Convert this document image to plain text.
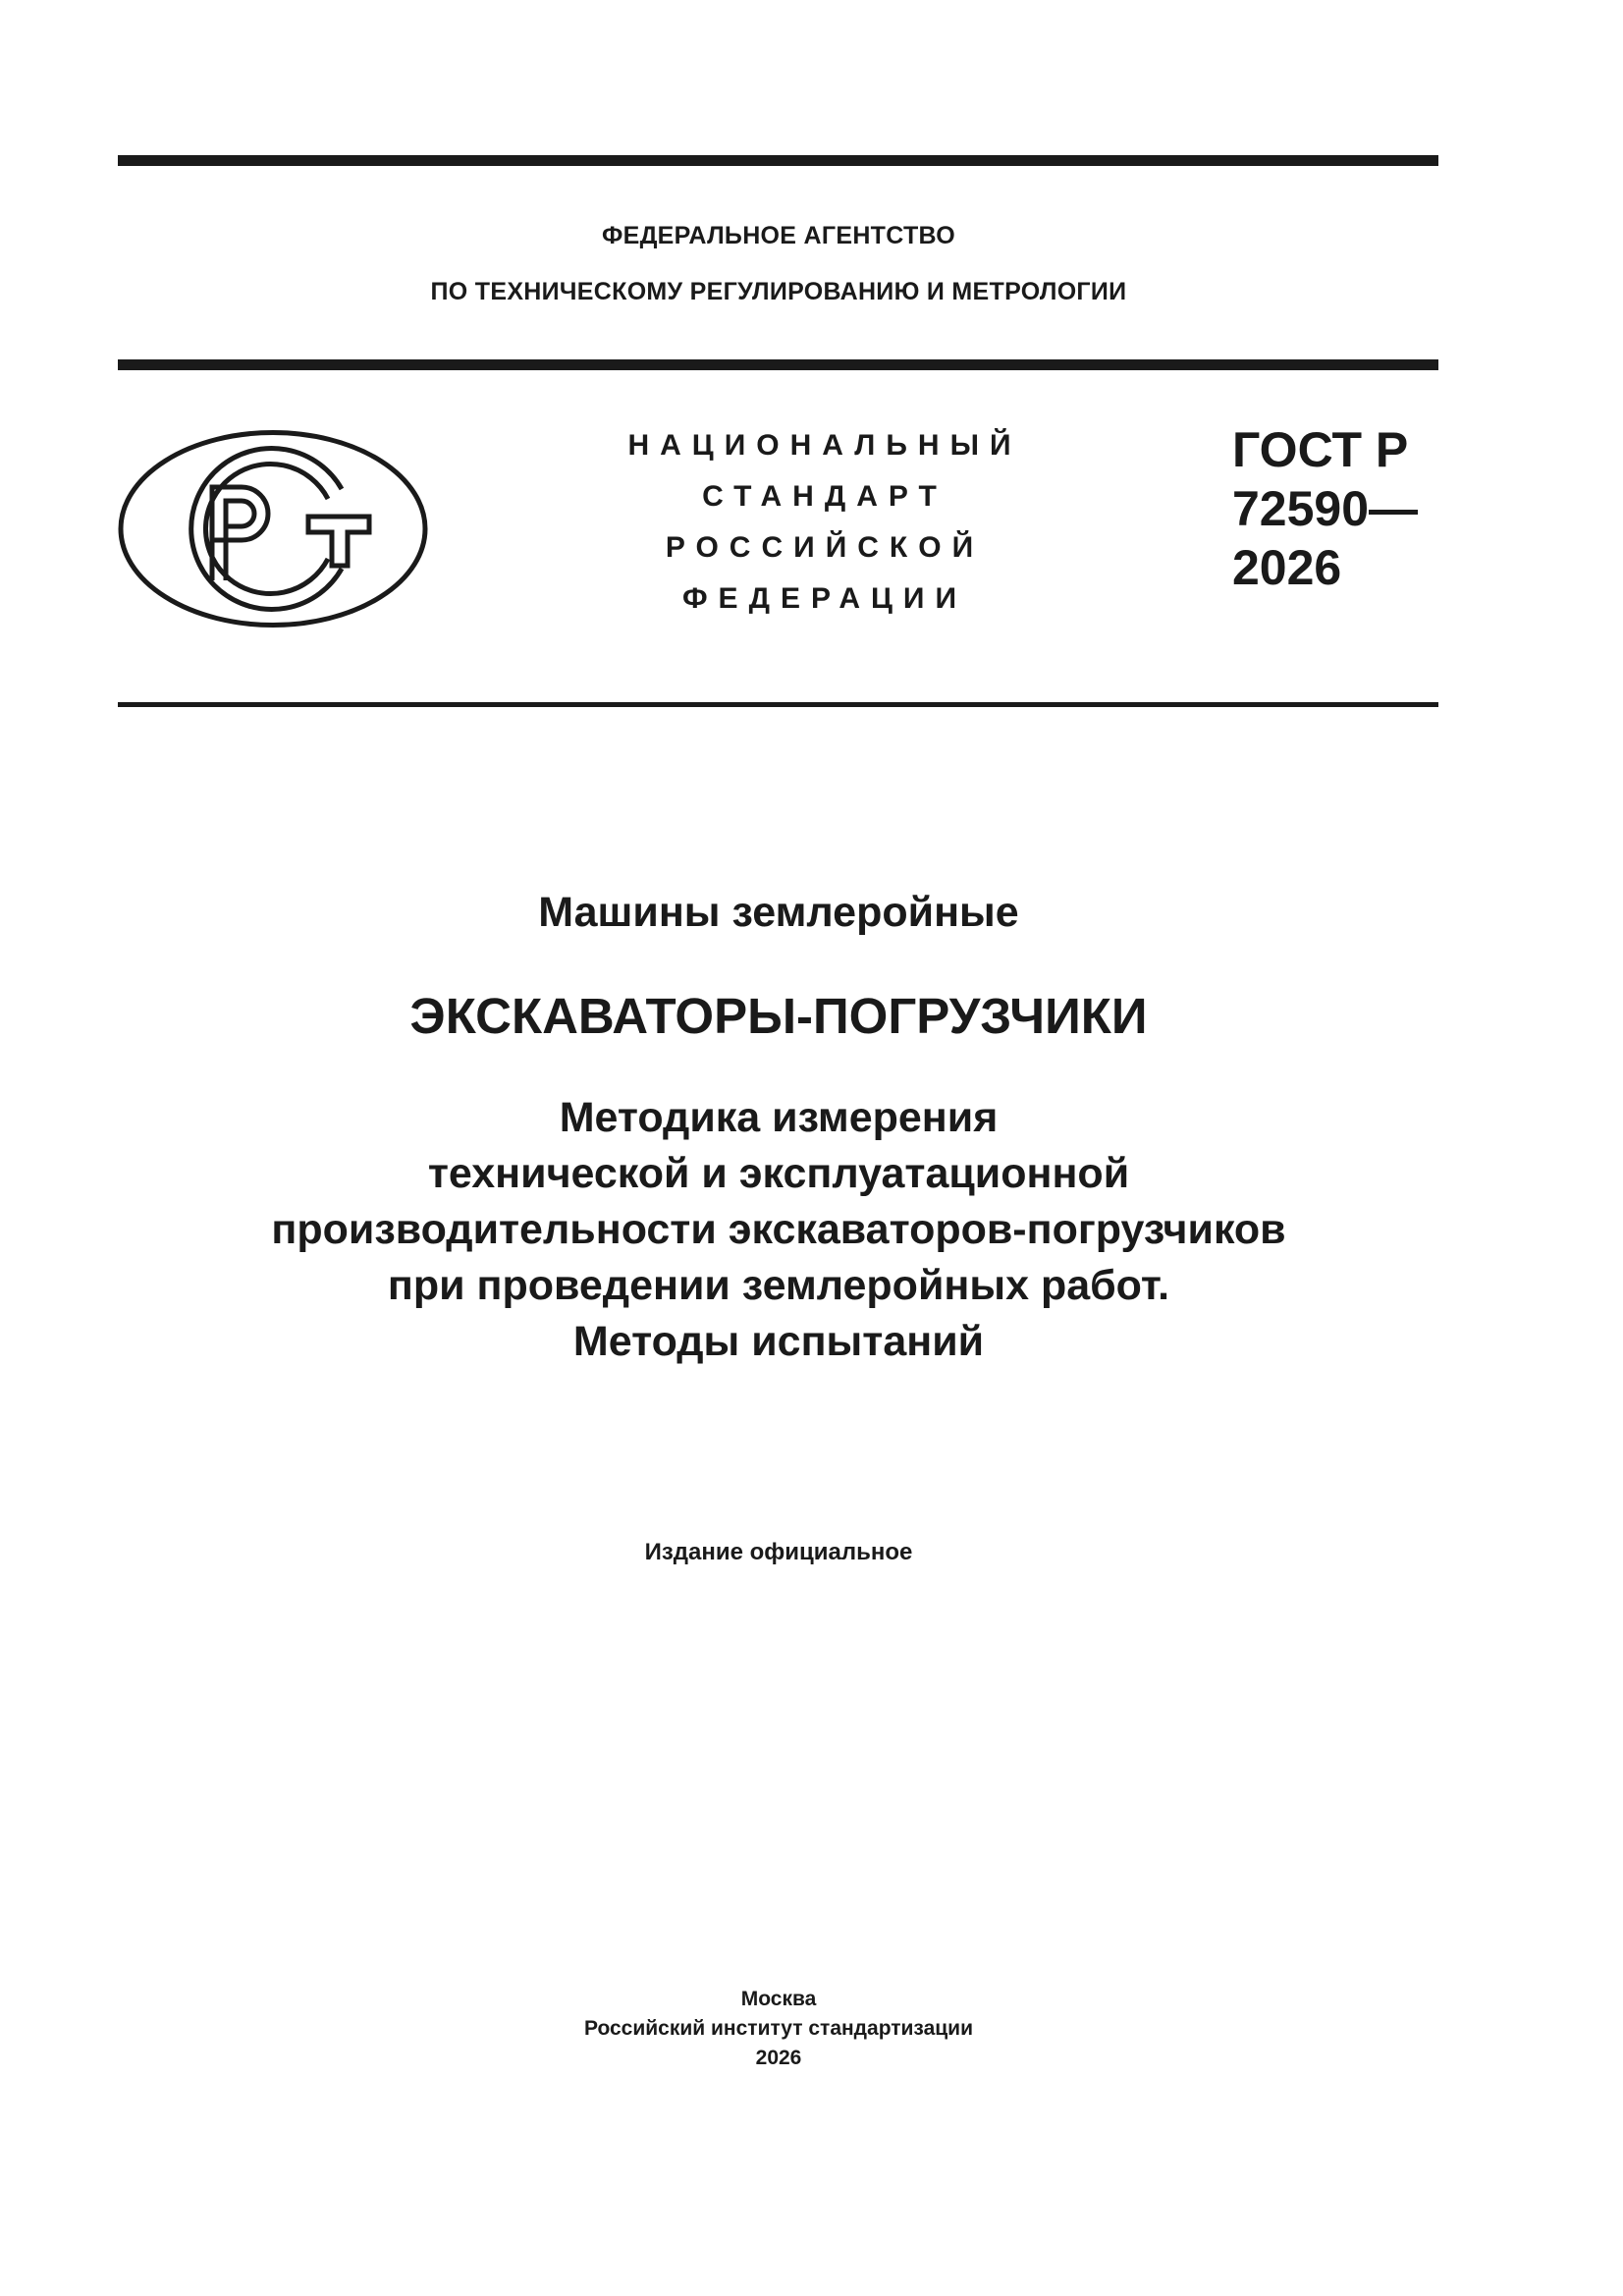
ФЕДЕРАЛЬНОЕ АГЕНТСТВО
ПО ТЕХНИЧЕСКОМУ РЕГУЛИРОВАНИЮ И МЕТРОЛОГИИ
НАЦИОНАЛЬНЫЙ
СТАНДАРТ
РОССИЙСКОЙ
ФЕДЕРАЦИИ
ГОСТ Р
72590—
2026
Машины землеройные
ЭКСКАВАТОРЫ-ПОГРУЗЧИКИ
Методика измерения
технической и эксплуатационной
производительности экскаваторов-погрузчиков
при проведении землеройных работ.
Методы испытаний
Издание официальное
Москва
Российский институт стандартизации
2026
